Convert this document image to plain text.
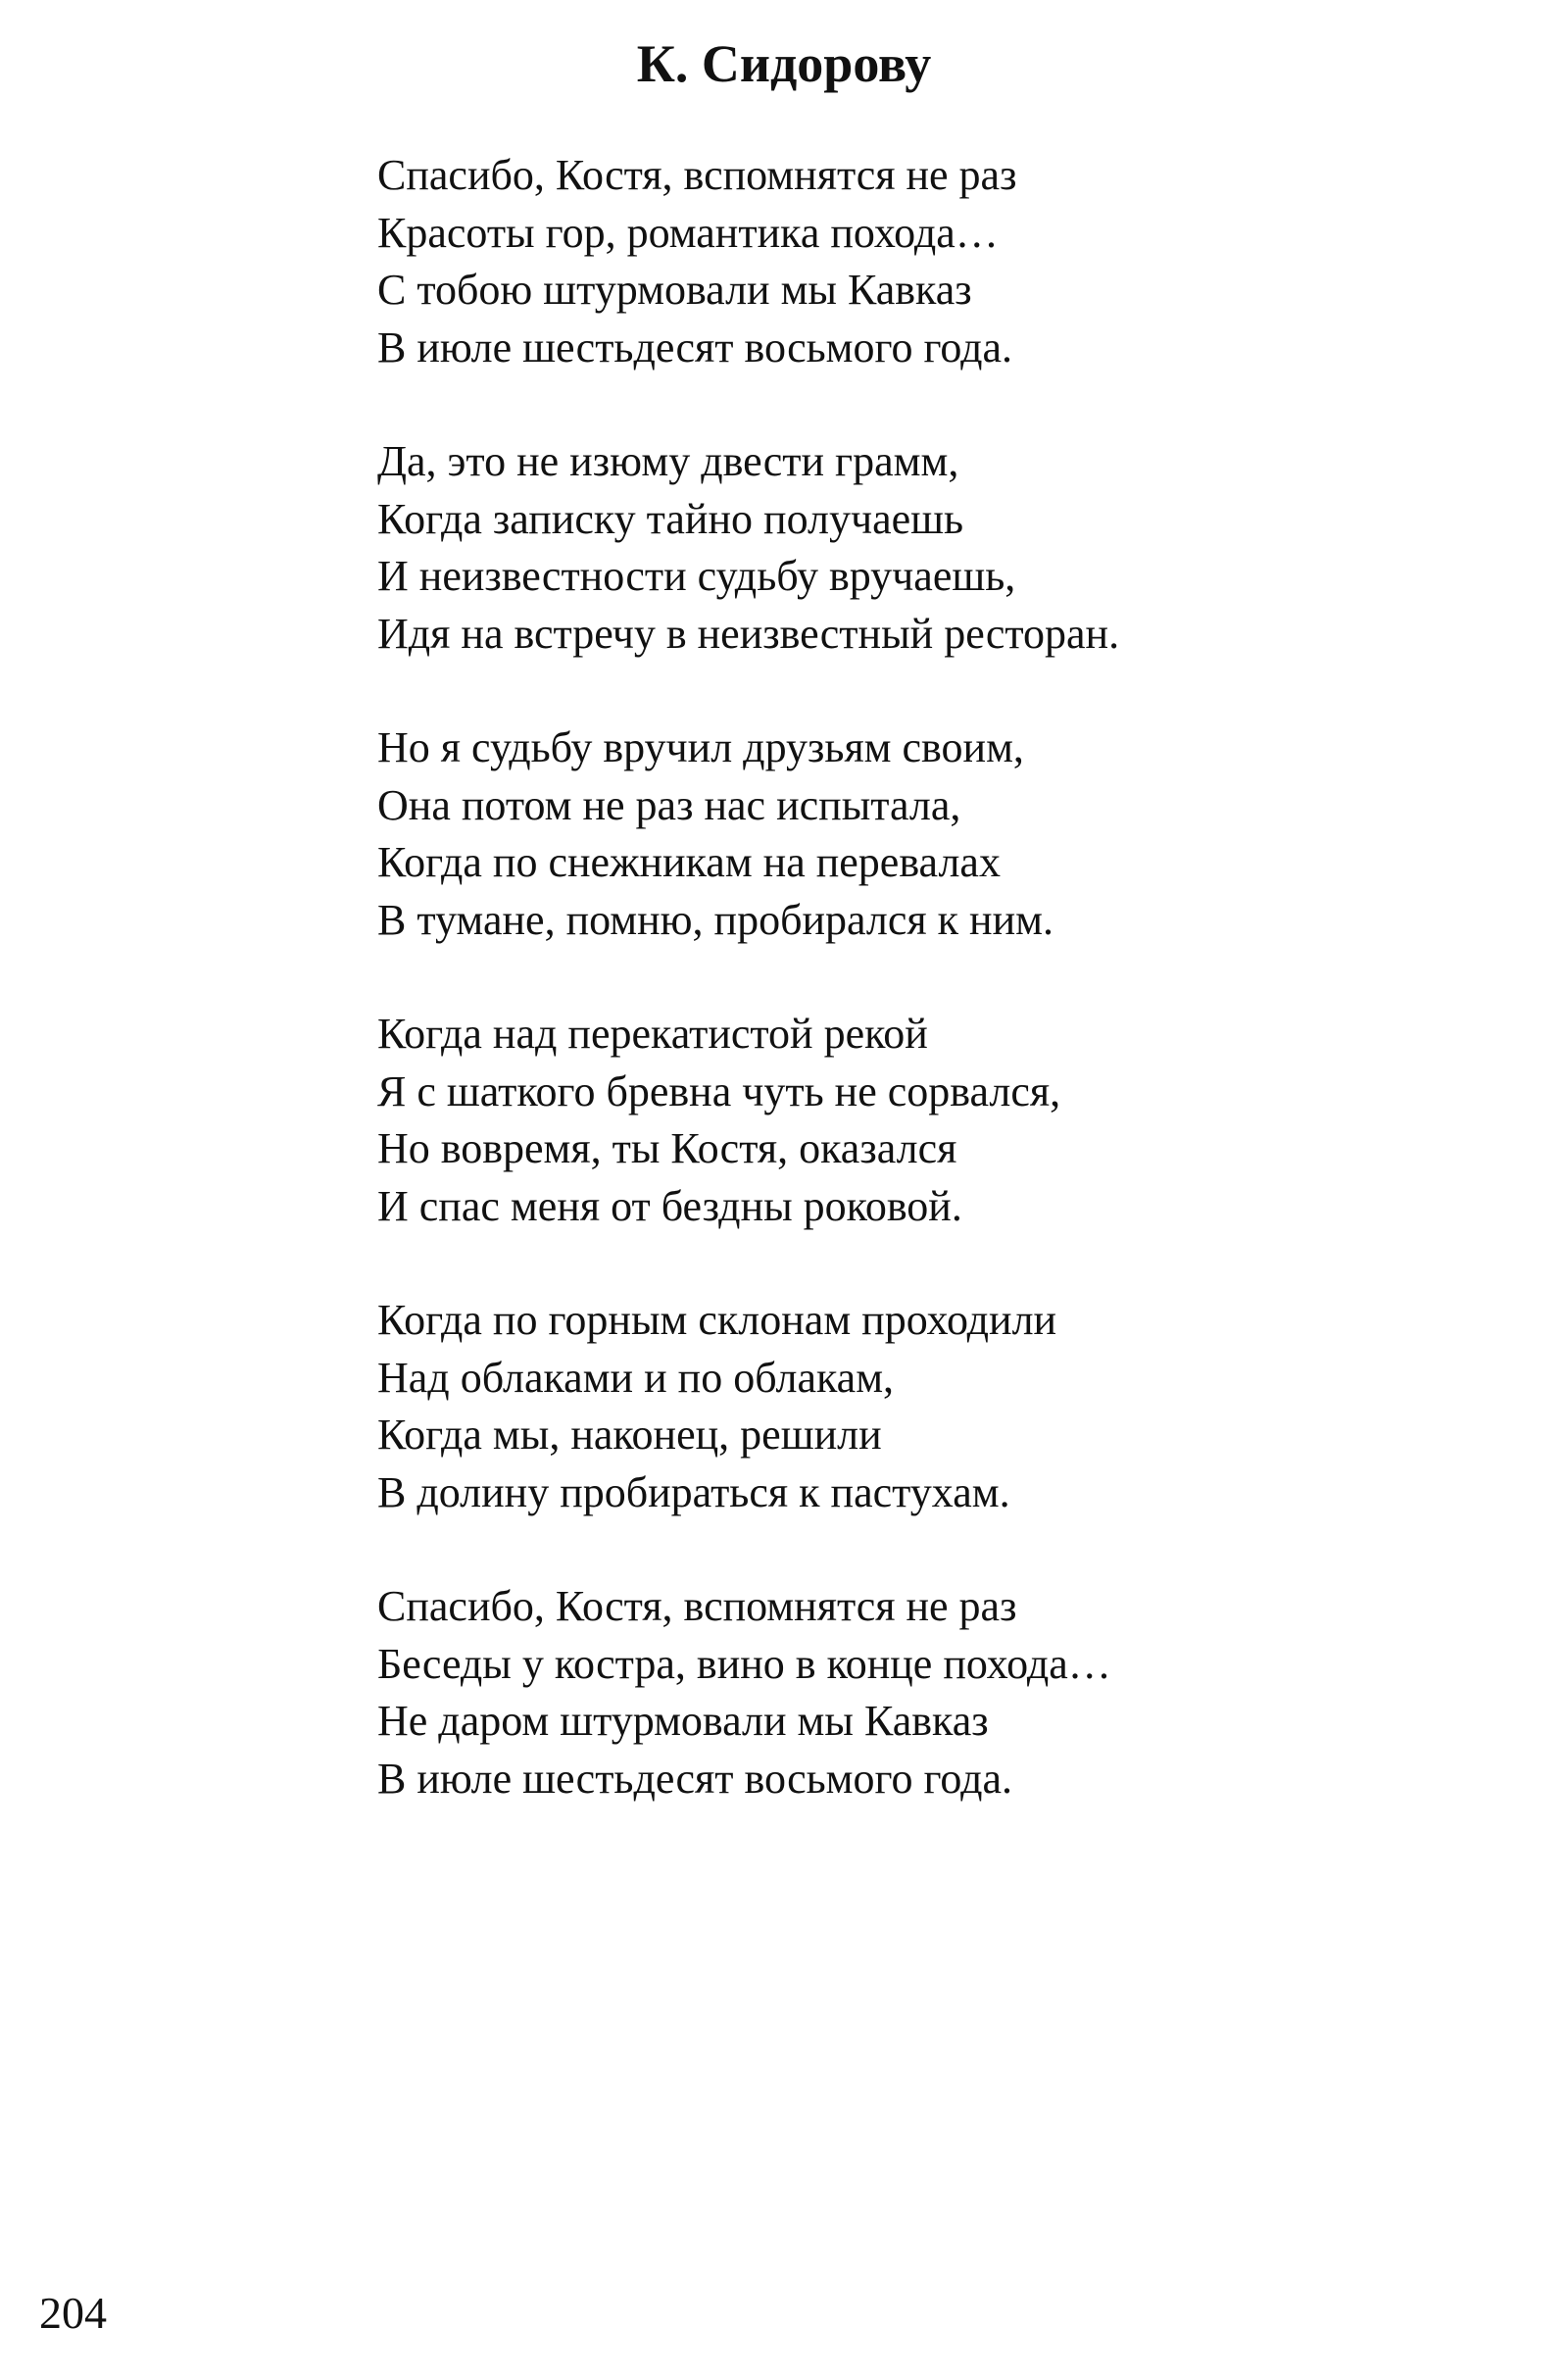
К. Сидорову

Спасибо, Костя, вспомнятся не раз

Красоты гор, романтика похода…

С тобою штурмовали мы Кавказ

В июле шестьдесят восьмого года.

Да, это не изюму двести грамм,

Когда записку тайно получаешь

И неизвестности судьбу вручаешь,

Идя на встречу в неизвестный ресторан.

Но я судьбу вручил друзьям своим,

Она потом не раз нас испытала,

Когда по снежникам на перевалах

В тумане, помню, пробирался к ним.

Когда над перекатистой рекой

Я с шаткого бревна чуть не сорвался,

Но вовремя, ты Костя, оказался

И спас меня от бездны роковой.

Когда по горным склонам проходили

Над облаками и по облакам,

Когда мы, наконец, решили

В долину пробираться к пастухам.

Спасибо, Костя, вспомнятся не раз

Беседы у костра, вино в конце похода…

Не даром штурмовали мы Кавказ

В июле шестьдесят восьмого года.

204
